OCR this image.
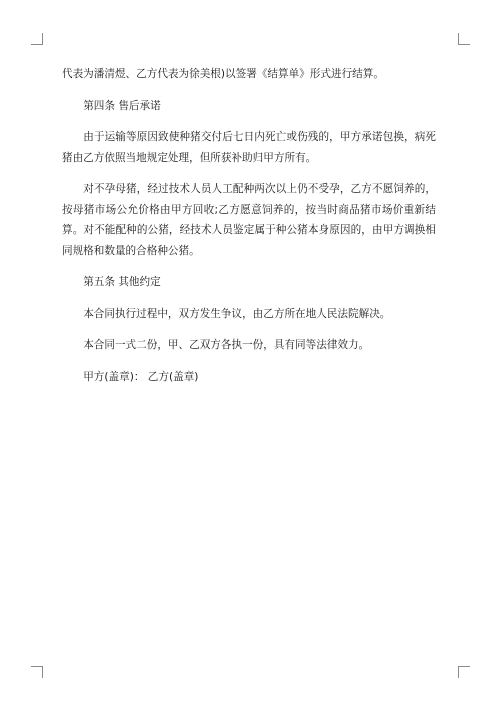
代表为潘清煜、乙方代表为徐美根)以签署《结算单》形式进行结算。

第四条 售后承诺

由于运输等原因致使种猪交付后七日内死亡或伤残的，甲方承诺包换，病死猪由乙方依照当地规定处理，但所获补助归甲方所有。

对不孕母猪，经过技术人员人工配种两次以上仍不受孕，乙方不愿饲养的，按母猪市场公允价格由甲方回收;乙方愿意饲养的，按当时商品猪市场价重新结算。对不能配种的公猪，经技术人员鉴定属于种公猪本身原因的，由甲方调换相同规格和数量的合格种公猪。

第五条 其他约定

本合同执行过程中，双方发生争议，由乙方所在地人民法院解决。

本合同一式二份，甲、乙双方各执一份，具有同等法律效力。

甲方(盖章)： 乙方(盖章)
